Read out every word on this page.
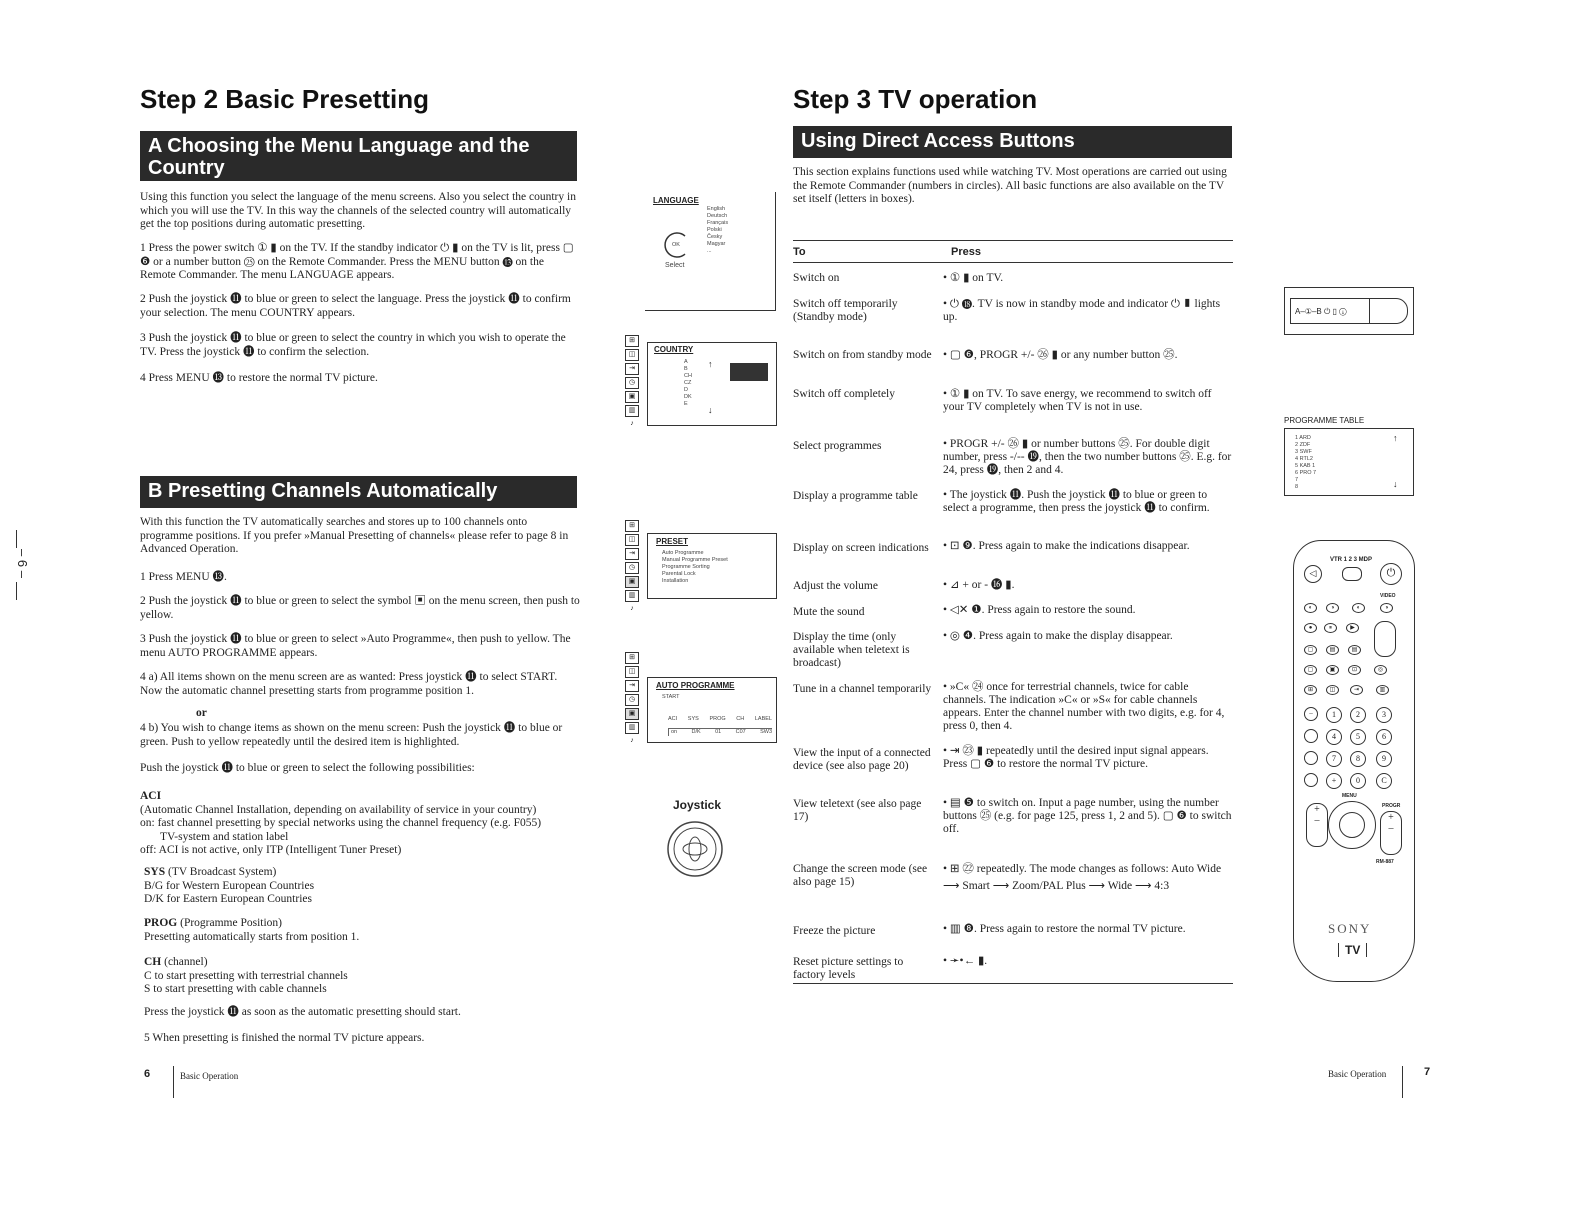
Step 2 Basic Presetting
A Choosing the Menu Language and the Country
Using this function you select the language of the menu screens. Also you select the country in which you will use the TV. In this way the channels of the selected country will automatically get the top positions during automatic presetting.
1 Press the power switch ① ▮ on the TV. If the standby indicator ⏻ ▮ on the TV is lit, press ▢ ❻ or a number button ㉕ on the Remote Commander. Press the MENU button ⓭ on the Remote Commander. The menu LANGUAGE appears.
2 Push the joystick ⓫ to blue or green to select the language. Press the joystick ⓫ to confirm your selection. The menu COUNTRY appears.
3 Push the joystick ⓫ to blue or green to select the country in which you wish to operate the TV. Press the joystick ⓫ to confirm the selection.
4 Press MENU ⓭ to restore the normal TV picture.
B Presetting Channels Automatically
With this function the TV automatically searches and stores up to 100 channels onto programme positions. If you prefer »Manual Presetting of channels« please refer to page 8 in Advanced Operation.
1 Press MENU ⓭.
2 Push the joystick ⓫ to blue or green to select the symbol ▣ on the menu screen, then push to yellow.
3 Push the joystick ⓫ to blue or green to select »Auto Programme«, then push to yellow. The menu AUTO PROGRAMME appears.
4 a) All items shown on the menu screen are as wanted: Press joystick ⓫ to select START. Now the automatic channel presetting starts from programme position 1.
or
4 b) You wish to change items as shown on the menu screen: Push the joystick ⓫ to blue or green. Push to yellow repeatedly until the desired item is highlighted.
Push the joystick ⓫ to blue or green to select the following possibilities:
ACI
(Automatic Channel Installation, depending on availability of service in your country)
on: fast channel presetting by special networks using the channel frequency (e.g. F055)
TV-system and station label
off: ACI is not active, only ITP (Intelligent Tuner Preset)
SYS (TV Broadcast System)
B/G for Western European Countries
D/K for Eastern European Countries
PROG (Programme Position)
Presetting automatically starts from position 1.
CH (channel)
C to start presetting with terrestrial channels
S to start presetting with cable channels
Press the joystick ⓫ as soon as the automatic presetting should start.
5 When presetting is finished the normal TV picture appears.
6	Basic Operation
– 6 –
LANGUAGE
English
Deutsch
Français
Polski
Česky
Magyar
...
OK
Select
⊞
◫
⇥
◷
▣
▥
♪
COUNTRY
A
B
CH
CZ
D
DK
E
↑
↓
⊞
◫
⇥
◷
▣
▥
♪
PRESET
Auto Programme
Manual Programme Preset
Programme Sorting
Parental Lock
Installation
⊞
◫
⇥
◷
▣
▥
♪
AUTO PROGRAMME
START
ACI SYS PROG CH LABEL
on	D/K	01	C07	SW3
Joystick
Step 3 TV operation
Using Direct Access Buttons
This section explains functions used while watching TV. Most operations are carried out using the Remote Commander (numbers in circles). All basic functions are also available on the TV set itself (letters in boxes).
To	Press
Switch on	• ① ▮ on TV.
Switch off temporarily (Standby mode)
• ⏻ ⓲. TV is now in standby mode and indicator ⏻ ▮ lights up.
Switch on from standby mode • ▢ ❻, PROGR +/- ㉖ ▮ or any number button ㉕.
Switch off completely	• ① ▮ on TV. To save energy, we recommend to switch off your TV completely when TV is not in use.
Select programmes	• PROGR +/- ㉖ ▮ or number buttons ㉕. For double digit number, press -/-- ⓳, then the two number buttons ㉕. E.g. for 24, press ⓳, then 2 and 4.
Display a programme table	• The joystick ⓫. Push the joystick ⓫ to blue or green to select a programme, then press the joystick ⓫ to confirm.
Display on screen indications	• ⊡ ❾. Press again to make the indications disappear.
Adjust the volume	• ⊿ + or - ⓰ ▮.
Mute the sound	• ◁✕ ❶. Press again to restore the sound.
Display the time (only available when teletext is broadcast)
• ◎ ❹. Press again to make the display disappear.
Tune in a channel temporarily • »C« ㉔ once for terrestrial channels, twice for cable channels. The indication »C« or »S« for cable channels appears. Enter the channel number with two digits, e.g. for 4, press 0, then 4.
View the input of a connected device (see also page 20)
• ⇥ ㉓ ▮ repeatedly until the desired input signal appears. Press ▢ ❻ to restore the normal TV picture.
View teletext (see also page 17)
• ▤ ❺ to switch on. Input a page number, using the number buttons ㉕ (e.g. for page 125, press 1, 2 and 5). ▢ ❻ to switch off.
Change the screen mode (see also page 15)
• ⊞ ㉒ repeatedly. The mode changes as follows: Auto Wide ⟶ Smart ⟶ Zoom/PAL Plus ⟶ Wide ⟶ 4:3
Freeze the picture	• ▥ ❽. Press again to restore the normal TV picture.
Reset picture settings to factory levels
• ➛•← ▮.
A–①–B ⏻ ▯ ⓘ
PROGRAMME TABLE
1 ARD
2 ZDF
3 SWF
4 RTL2
5 KAB 1
6 PRO 7
7
8
↑
↓
VTR 1 2 3 MDP
◁	⏻
VIDEO
◐	◑	◐	◑
●	⏸	▶
▢	▤	▤
▢	▣	⊡	◎
⊞	◫	⇥	▥
–	1	2	3
4	5	6
7	8	9
+	0	C
MENU
PROGR
+
–	+
–
RM-887
SONY
TV
Basic Operation	7
